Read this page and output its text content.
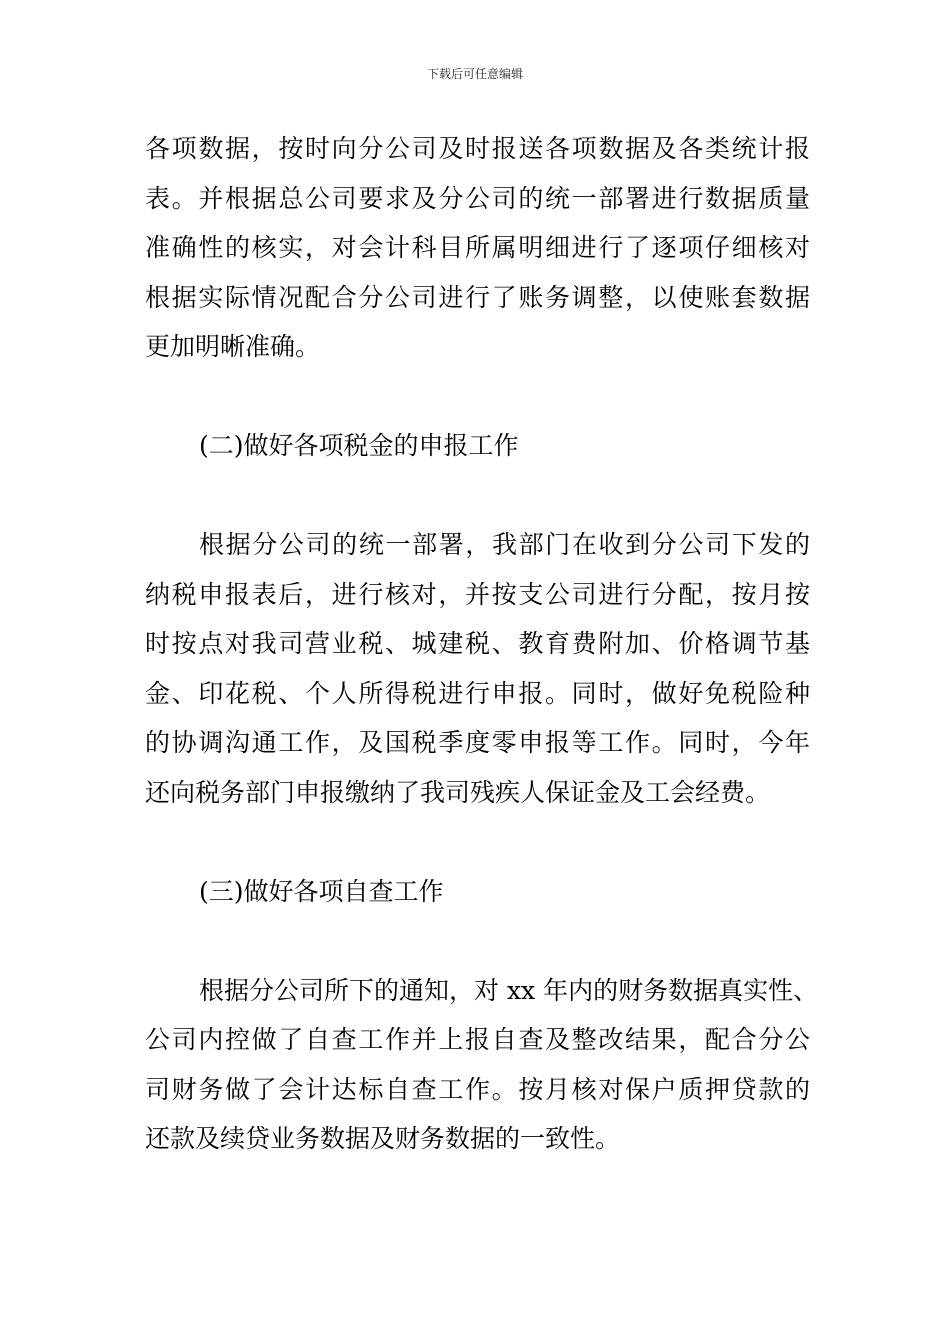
下载后可任意编辑
各项数据，按时向分公司及时报送各项数据及各类统计报
表。并根据总公司要求及分公司的统一部署进行数据质量
准确性的核实，对会计科目所属明细进行了逐项仔细核对
根据实际情况配合分公司进行了账务调整，以使账套数据
更加明晰准确。
(二)做好各项税金的申报工作
根据分公司的统一部署，我部门在收到分公司下发的
纳税申报表后，进行核对，并按支公司进行分配，按月按
时按点对我司营业税、城建税、教育费附加、价格调节基
金、印花税、个人所得税进行申报。同时，做好免税险种
的协调沟通工作，及国税季度零申报等工作。同时，今年
还向税务部门申报缴纳了我司残疾人保证金及工会经费。
(三)做好各项自查工作
根据分公司所下的通知，对 xx 年内的财务数据真实性、
公司内控做了自查工作并上报自查及整改结果，配合分公
司财务做了会计达标自查工作。按月核对保户质押贷款的
还款及续贷业务数据及财务数据的一致性。
